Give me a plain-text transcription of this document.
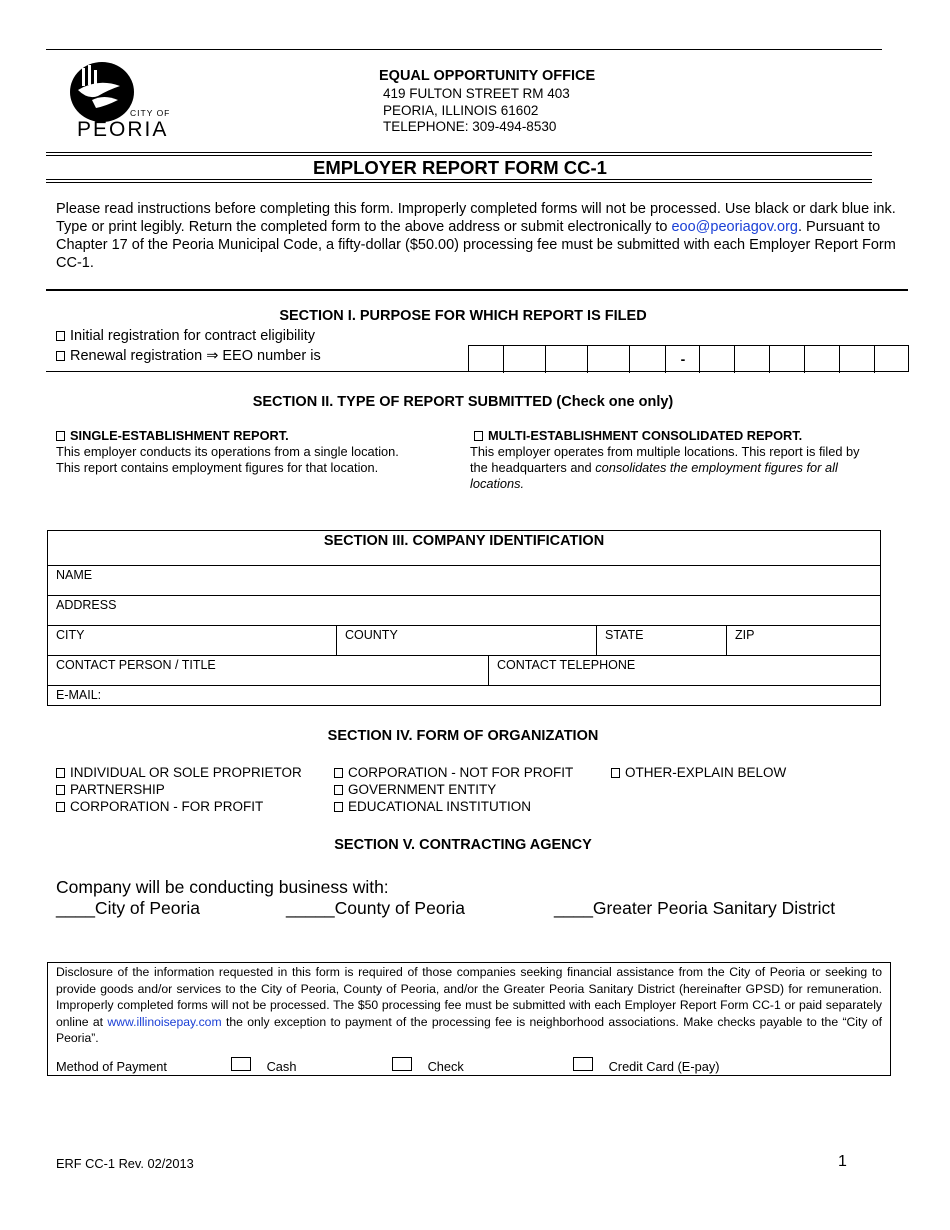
CITY OF
PEORIA
EQUAL OPPORTUNITY OFFICE
419 FULTON STREET RM 403
PEORIA, ILLINOIS 61602
TELEPHONE: 309-494-8530
EMPLOYER REPORT FORM CC-1
Please read instructions before completing this form. Improperly completed forms will not be processed. Use black or dark blue ink. Type or print legibly. Return the completed form to the above address or submit electronically to eoo@peoriagov.org. Pursuant to Chapter 17 of the Peoria Municipal Code, a fifty-dollar ($50.00) processing fee must be submitted with each Employer Report Form CC-1.
SECTION I. PURPOSE FOR WHICH REPORT IS FILED
Initial registration for contract eligibility
Renewal registration ⇒ EEO number is	-
SECTION II. TYPE OF REPORT SUBMITTED (Check one only)
SINGLE-ESTABLISHMENT REPORT.
This employer conducts its operations from a single location. This report contains employment figures for that location.
MULTI-ESTABLISHMENT CONSOLIDATED REPORT.
This employer operates from multiple locations. This report is filed by the headquarters and consolidates the employment figures for all locations.
SECTION III. COMPANY IDENTIFICATION
NAME
ADDRESS
CITY	COUNTY	STATE	ZIP
CONTACT PERSON / TITLE	CONTACT TELEPHONE
E-MAIL:
SECTION IV. FORM OF ORGANIZATION
INDIVIDUAL OR SOLE PROPRIETOR
PARTNERSHIP
CORPORATION - FOR PROFIT
CORPORATION - NOT FOR PROFIT
GOVERNMENT ENTITY
EDUCATIONAL INSTITUTION
OTHER-EXPLAIN BELOW
SECTION V. CONTRACTING AGENCY
Company will be conducting business with:
____City of Peoria	_____County of Peoria	____Greater Peoria Sanitary District
Disclosure of the information requested in this form is required of those companies seeking financial assistance from the City of Peoria or seeking to provide goods and/or services to the City of Peoria, County of Peoria, and/or the Greater Peoria Sanitary District (hereinafter GPSD) for remuneration. Improperly completed forms will not be processed. The $50 processing fee must be submitted with each Employer Report Form CC-1 or paid separately online at www.illinoisepay.com the only exception to payment of the processing fee is neighborhood associations. Make checks payable to the “City of Peoria”.
Method of Payment	Cash	Check	Credit Card (E-pay)
ERF CC-1 Rev. 02/2013	1
